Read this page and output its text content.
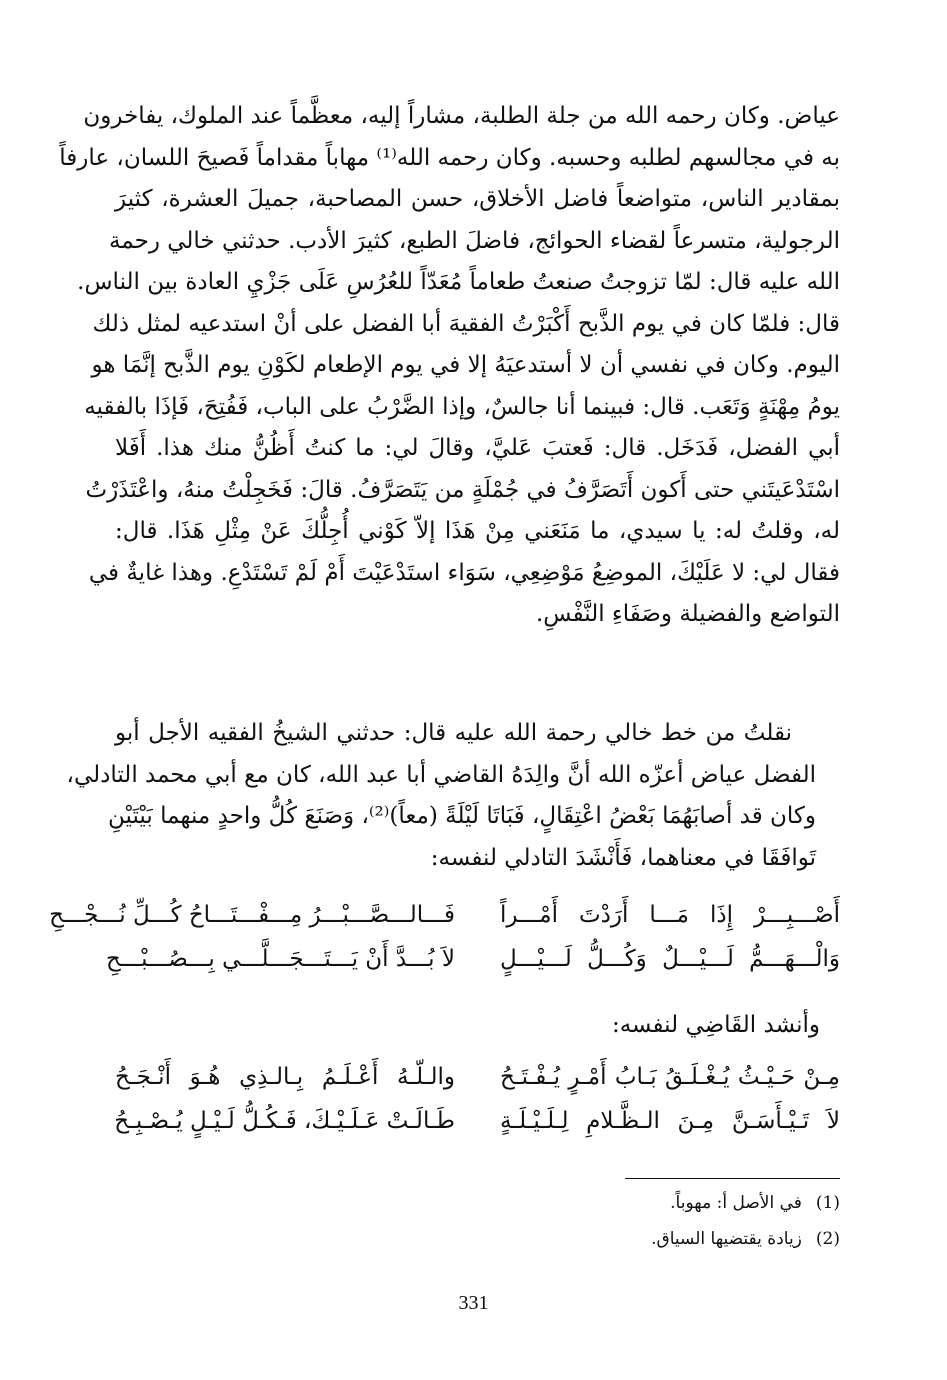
عياض. وكان رحمه الله من جلة الطلبة، مشاراً إليه، معظَّماً عند الملوك، يفاخرون
به في مجالسهم لطلبه وحسبه. وكان رحمه الله⁽¹⁾ مهاباً مقداماً فَصيحَ اللسان، عارفاً
بمقادير الناس، متواضعاً فاضل الأخلاق، حسن المصاحبة، جميلَ العشرة، كثيرَ
الرجولية، متسرعاً لقضاء الحوائج، فاضلَ الطبع، كثيرَ الأدب. حدثني خالي رحمة
الله عليه قال: لمّا تزوجتُ صنعتُ طعاماً مُعَدّاً للعُرُسِ عَلَى جَزْيِ العادة بين الناس.
قال: فلمّا كان في يوم الذَّبح أَكْبَرْتُ الفقيهَ أبا الفضل على أنْ استدعيه لمثل ذلك
اليوم. وكان في نفسي أن لا أستدعيَهُ إلا في يوم الإطعام لكَوْنِ يوم الذَّبح إنَّمَا هو
يومُ مِهْنَةٍ وَتَعَب. قال: فبينما أنا جالسٌ، وإذا الضَّرْبُ على الباب، فَفُتِحَ، فَإذَا بالفقيه
أبي الفضل، فَدَخَل. قال: فَعتبَ عَليَّ، وقالَ لي: ما كنتُ أَظُنُّ منك هذا. أَفَلا
اسْتَدْعَيتَني حتى أَكون أَتَصَرَّفُ في جُمْلَةٍ من يَتَصَرَّفُ. قالَ: فَخَجِلْتُ منهُ، واعْتَذَرْتُ
له، وقلتُ له: يا سيدي، ما مَنَعَني مِنْ هَذَا إلاّ كَوْني أُجِلُّكَ عَنْ مِثْلِ هَذَا. قال:
فقال لي: لا عَلَيْكَ، الموضِعُ مَوْضِعِي، سَوَاء استَدْعَيْتَ أَمْ لَمْ تَسْتَدْعِ. وهذا غايةٌ في
التواضع والفضيلة وصَفَاءِ النَّفْسِ.
نقلتُ من خط خالي رحمة الله عليه قال: حدثني الشيخُ الفقيه الأجل أبو
الفضل عياض أعزّه الله أنَّ والِدَهُ القاضي أبا عبد الله، كان مع أبي محمد التادلي،
وكان قد أصابَهُمَا بَعْضُ اعْتِقَالٍ، فَبَاتَا لَيْلَةً (معاً)⁽²⁾، وَصَنَعَ كُلُّ واحدٍ منهما بَيْتَيْنِ
تَوافَقَا في معناهما، فَأَنْشَدَ التادلي لنفسه:
أَصْـــبِـــرْ إِذَا مَـــا أَرَدْتَ أَمْـــراً
فَـــالـــصَّـــبْـــرُ مِـــفْـــتَـــاحُ كُـــلِّ نُـــجْـــحِ
وَالْـــهَـــمُّ لَـــيْـــلٌ وَكُـــلُّ لَـــيْـــلٍ
لاَ بُـــدَّ أَنْ يَـــتَـــجَـــلَّـــي بِـــصُـــبْـــحِ
وأنشد القَاضِي لنفسه:
مِـنْ حَـيْـثُ يُـغْـلَـقُ بَـابُ أَمْـرٍ يُـفْـتَـحُ
والـلّـهُ أَعْـلَـمُ بِـالـذِي هُـوَ أَنْـجَـحُ
لاَ تَـيْـأَسَـنَّ مِـنَ الـظَّـلامِ لِـلَـيْـلَـةٍ
طَـالَـتْ عَـلَـيْـكَ، فَـكُـلُّ لَـيْـلٍ يُـصْـبِـحُ
(1)في الأصل أ: مهوباً.
(2)زيادة يقتضيها السياق.
331
